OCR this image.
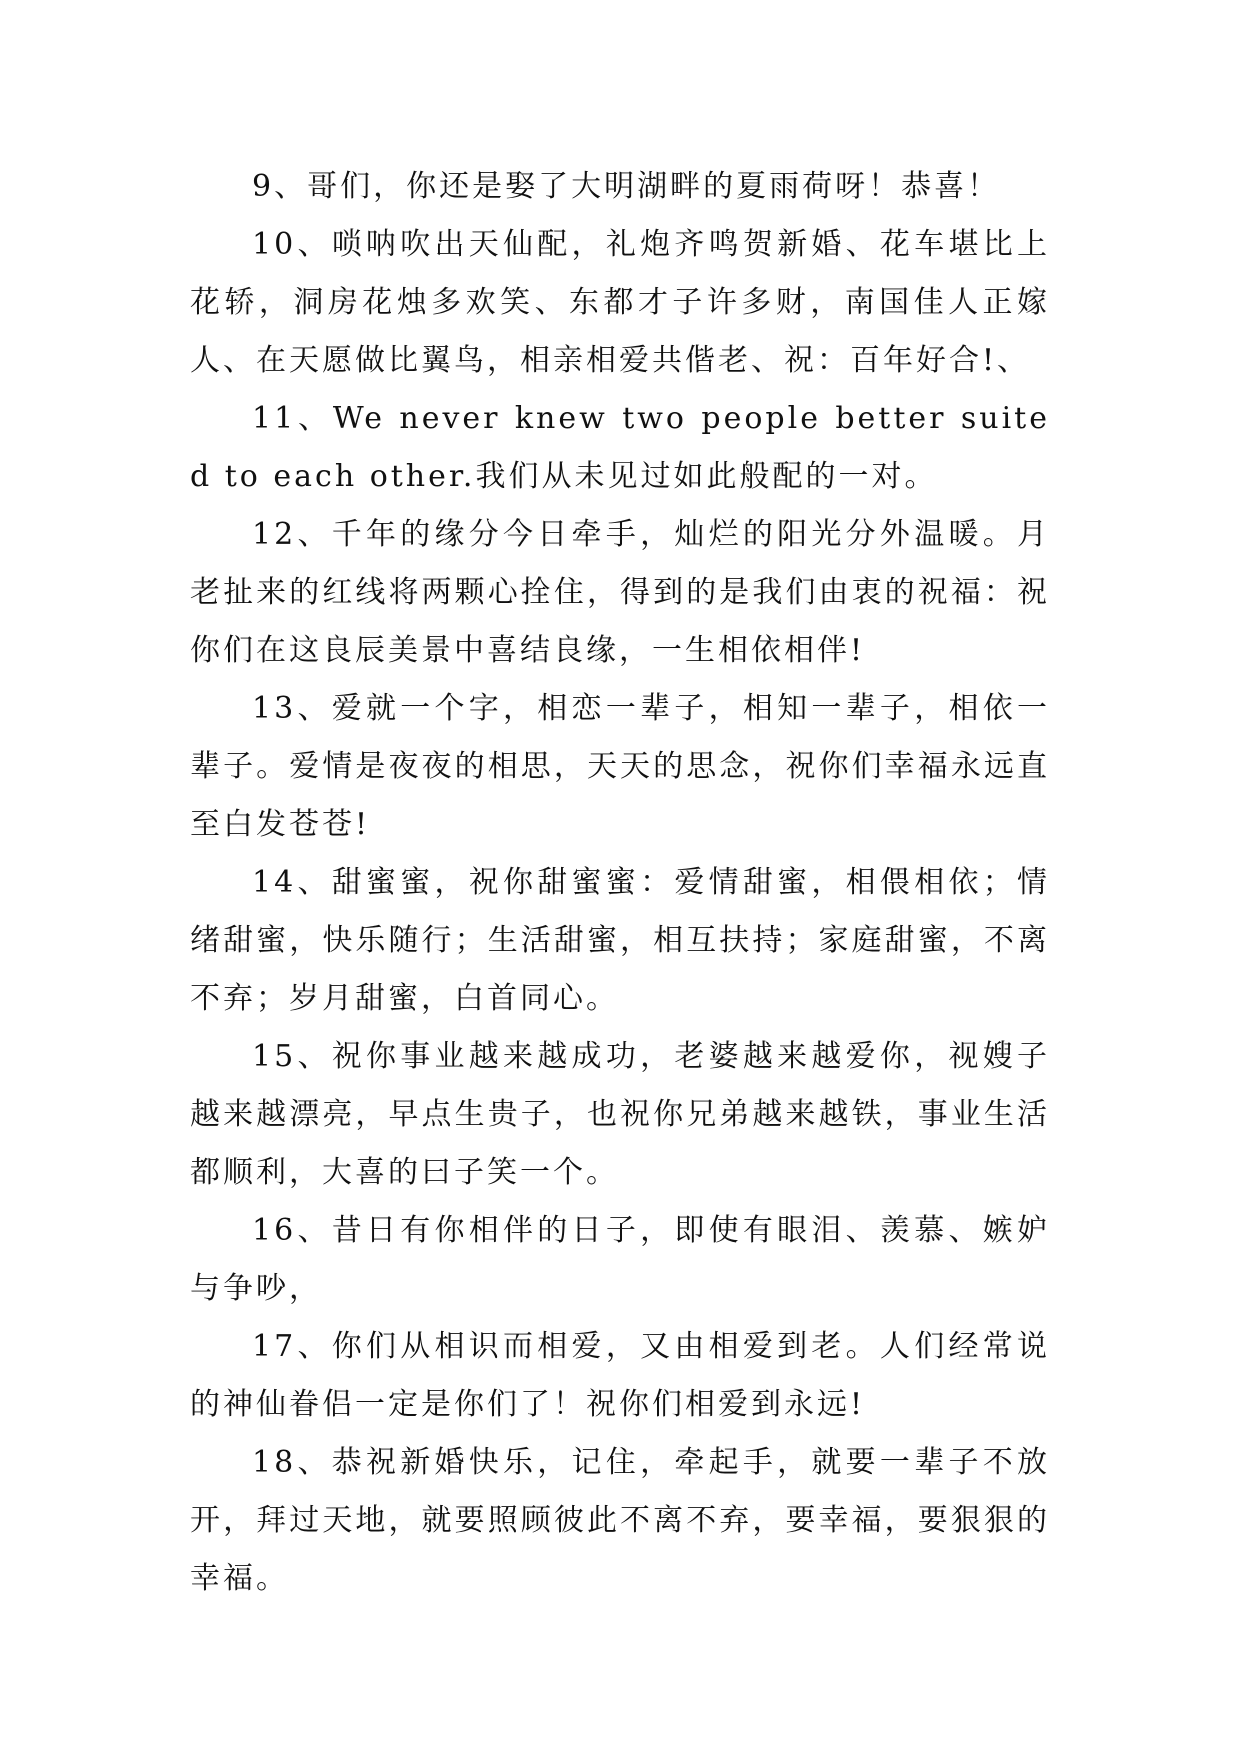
9、哥们，你还是娶了大明湖畔的夏雨荷呀！恭喜！

10、唢呐吹出天仙配，礼炮齐鸣贺新婚、花车堪比上花轿，洞房花烛多欢笑、东都才子许多财，南国佳人正嫁人、在天愿做比翼鸟，相亲相爱共偕老、祝：百年好合!、

11、We never knew two people better suited to each other.我们从未见过如此般配的一对。

12、千年的缘分今日牵手，灿烂的阳光分外温暖。月老扯来的红线将两颗心拴住，得到的是我们由衷的祝福：祝你们在这良辰美景中喜结良缘，一生相依相伴!

13、爱就一个字，相恋一辈子，相知一辈子，相依一辈子。爱情是夜夜的相思，天天的思念，祝你们幸福永远直至白发苍苍!

14、甜蜜蜜，祝你甜蜜蜜：爱情甜蜜，相偎相依；情绪甜蜜，快乐随行；生活甜蜜，相互扶持；家庭甜蜜，不离不弃；岁月甜蜜，白首同心。

15、祝你事业越来越成功，老婆越来越爱你，视嫂子越来越漂亮，早点生贵子，也祝你兄弟越来越铁，事业生活都顺利，大喜的曰子笑一个。

16、昔日有你相伴的日子，即使有眼泪、羡慕、嫉妒与争吵，

17、你们从相识而相爱，又由相爱到老。人们经常说的神仙眷侣一定是你们了！祝你们相爱到永远!

18、恭祝新婚快乐，记住，牵起手，就要一辈子不放开，拜过天地，就要照顾彼此不离不弃，要幸福，要狠狠的幸福。
